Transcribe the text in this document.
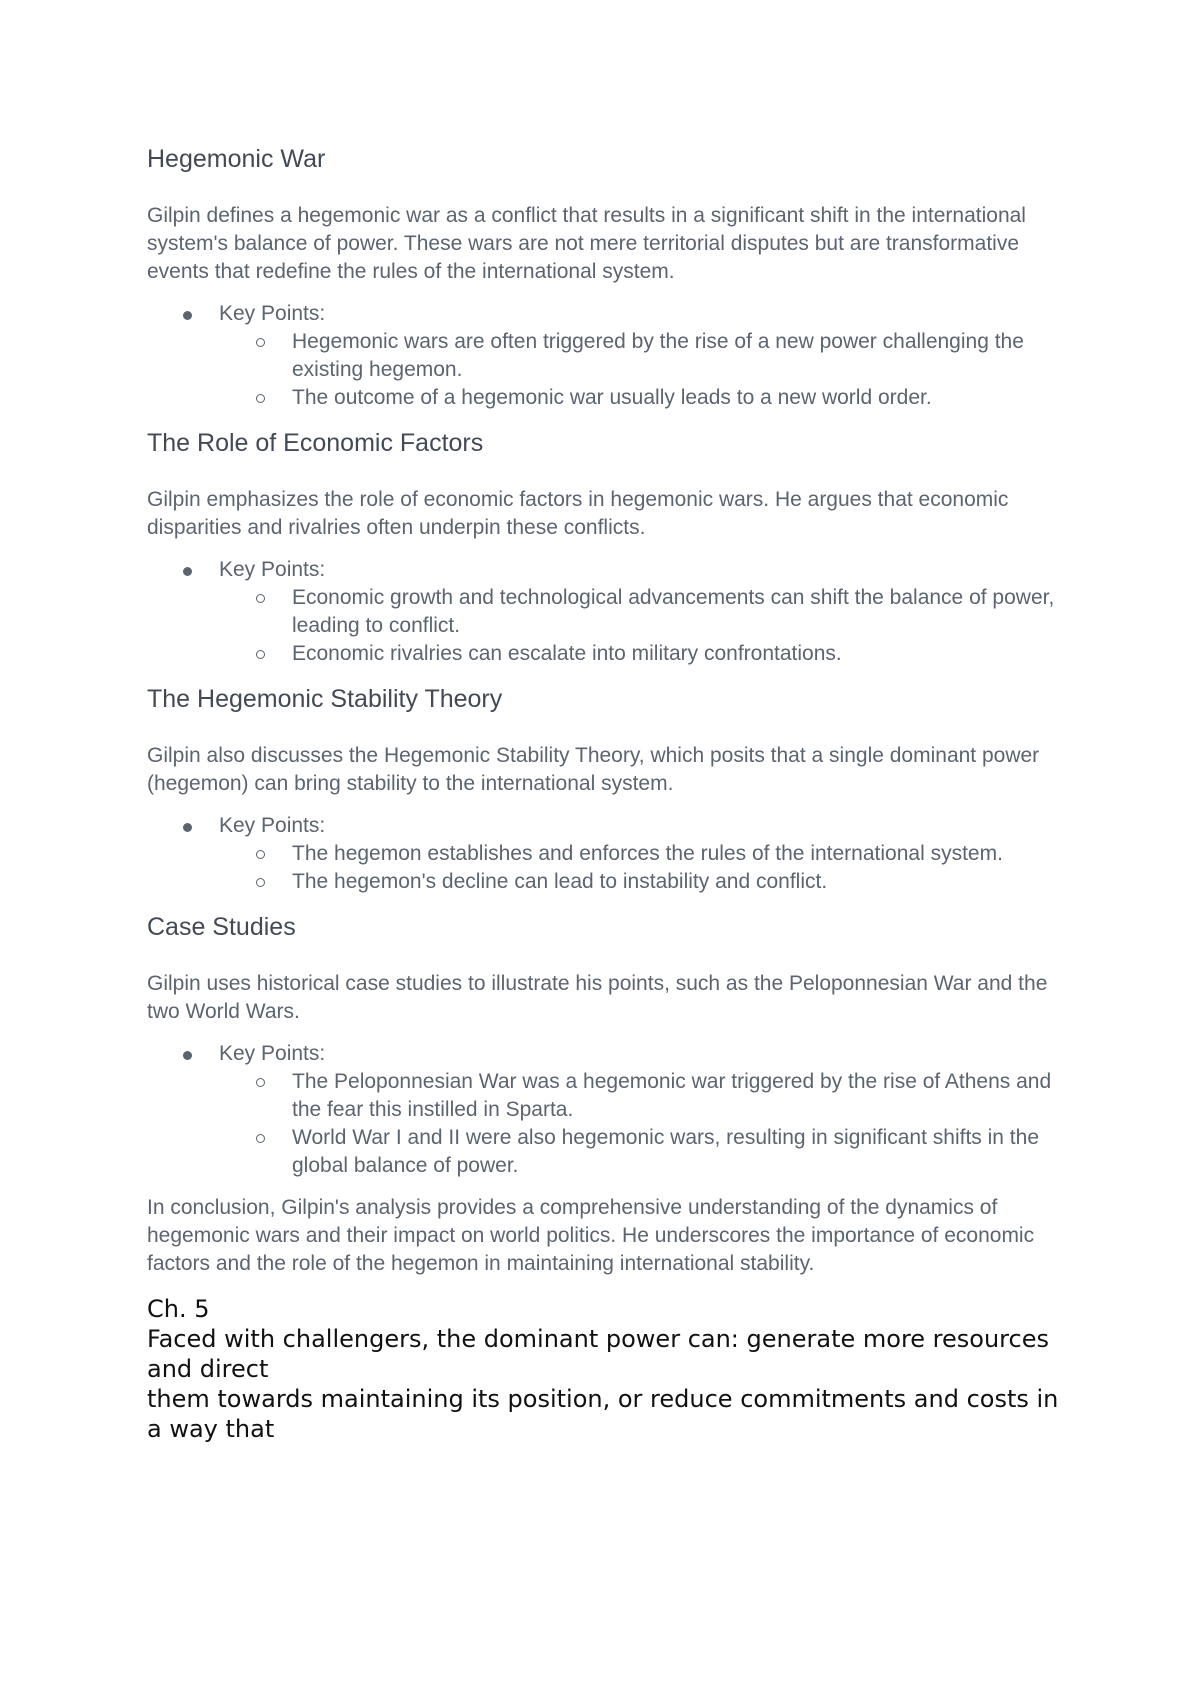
Hegemonic War

Gilpin defines a hegemonic war as a conflict that results in a significant shift in the international system's balance of power. These wars are not mere territorial disputes but are transformative events that redefine the rules of the international system.

Key Points:
Hegemonic wars are often triggered by the rise of a new power challenging the existing hegemon.
The outcome of a hegemonic war usually leads to a new world order.
The Role of Economic Factors

Gilpin emphasizes the role of economic factors in hegemonic wars. He argues that economic disparities and rivalries often underpin these conflicts.

Key Points:
Economic growth and technological advancements can shift the balance of power, leading to conflict.
Economic rivalries can escalate into military confrontations.
The Hegemonic Stability Theory

Gilpin also discusses the Hegemonic Stability Theory, which posits that a single dominant power (hegemon) can bring stability to the international system.

Key Points:
The hegemon establishes and enforces the rules of the international system.
The hegemon's decline can lead to instability and conflict.
Case Studies

Gilpin uses historical case studies to illustrate his points, such as the Peloponnesian War and the two World Wars.

Key Points:
The Peloponnesian War was a hegemonic war triggered by the rise of Athens and the fear this instilled in Sparta.
World War I and II were also hegemonic wars, resulting in significant shifts in the global balance of power.

In conclusion, Gilpin's analysis provides a comprehensive understanding of the dynamics of hegemonic wars and their impact on world politics. He underscores the importance of economic factors and the role of the hegemon in maintaining international stability.

Ch. 5

Faced with challengers, the dominant power can: generate more resources and direct

them towards maintaining its position, or reduce commitments and costs in a way that
